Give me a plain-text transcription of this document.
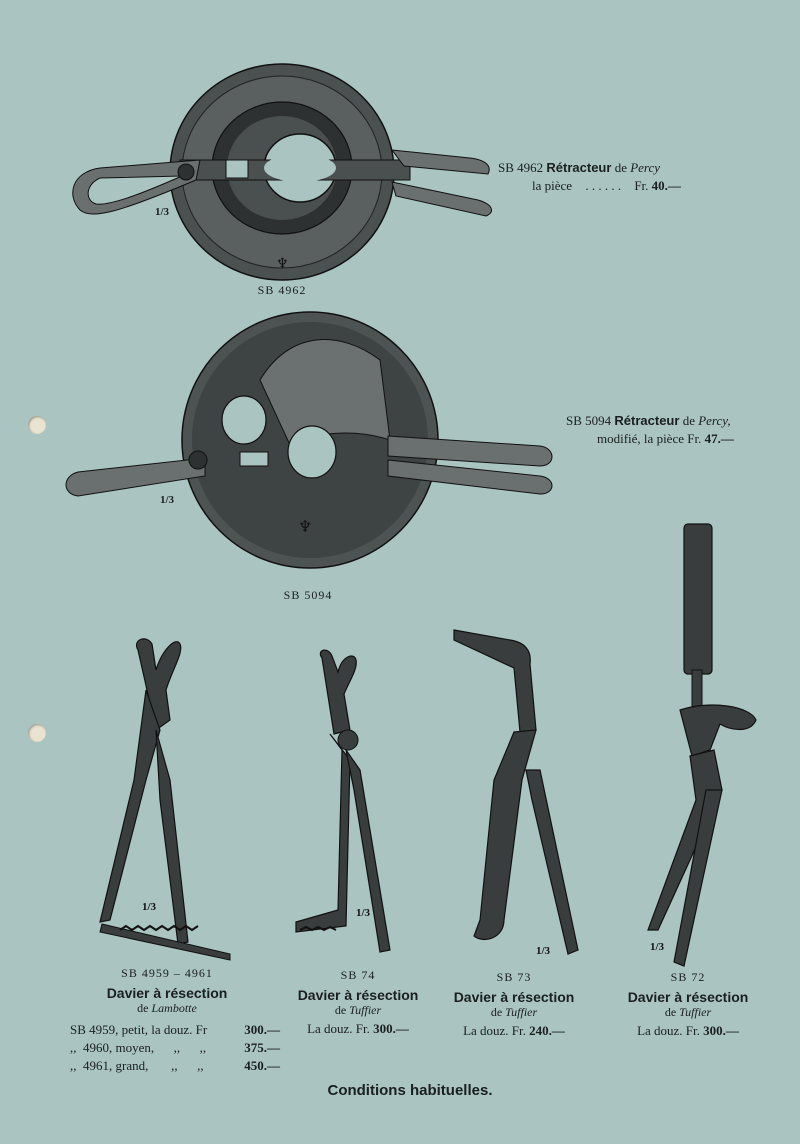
♆
SB 4962
1/3
SB 4962 Rétracteur de Percy
la pièce . . . . . . Fr. 40.—
♆
SB 5094
1/3
SB 5094 Rétracteur de Percy,
modifié, la pièce Fr. 47.—
1/3	1/3
1/3	1/3
SB 4959 – 4961
Davier à résection
de Lambotte
SB 4959, petit, la douz. Fr	300.—
,,  4960, moyen,      ,,      ,,	375.—
,,  4961, grand,       ,,      ,,	450.—
SB 74
Davier à résection
de Tuffier
La douz. Fr. 300.—
SB 73
Davier à résection
de Tuffier
La douz. Fr. 240.—
SB 72
Davier à résection
de Tuffier
La douz. Fr. 300.—
Conditions habituelles.
